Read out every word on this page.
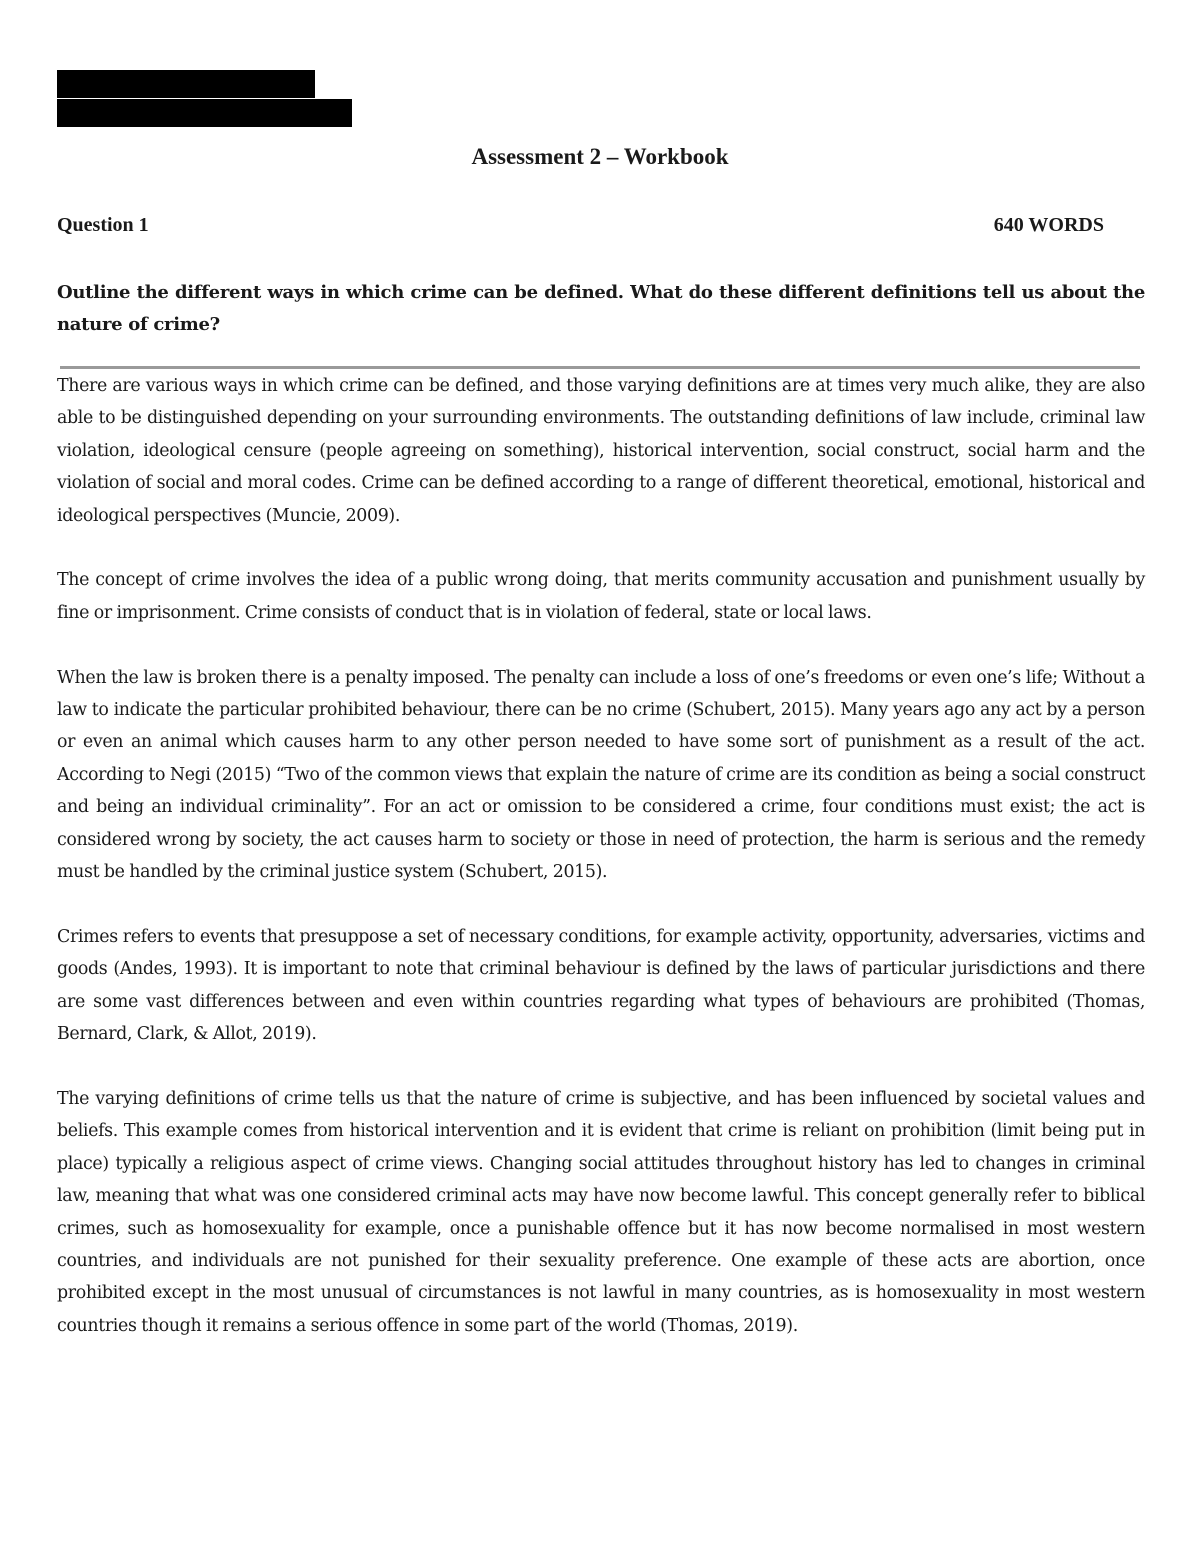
Assessment 2 – Workbook
Question 1	640 WORDS

Outline the different ways in which crime can be defined. What do these different definitions tell us about the nature of crime?

There are various ways in which crime can be defined, and those varying definitions are at times very much alike, they are also able to be distinguished depending on your surrounding environments. The outstanding definitions of law include, criminal law violation, ideological censure (people agreeing on something), historical intervention, social construct, social harm and the violation of social and moral codes. Crime can be defined according to a range of different theoretical, emotional, historical and ideological perspectives (Muncie, 2009).

The concept of crime involves the idea of a public wrong doing, that merits community accusation and punishment usually by fine or imprisonment. Crime consists of conduct that is in violation of federal, state or local laws.

When the law is broken there is a penalty imposed. The penalty can include a loss of one’s freedoms or even one’s life; Without a law to indicate the particular prohibited behaviour, there can be no crime (Schubert, 2015). Many years ago any act by a person or even an animal which causes harm to any other person needed to have some sort of punishment as a result of the act. According to Negi (2015) “Two of the common views that explain the nature of crime are its condition as being a social construct and being an individual criminality”. For an act or omission to be considered a crime, four conditions must exist; the act is considered wrong by society, the act causes harm to society or those in need of protection, the harm is serious and the remedy must be handled by the criminal justice system (Schubert, 2015).

Crimes refers to events that presuppose a set of necessary conditions, for example activity, opportunity, adversaries, victims and goods (Andes, 1993). It is important to note that criminal behaviour is defined by the laws of particular jurisdictions and there are some vast differences between and even within countries regarding what types of behaviours are prohibited (Thomas, Bernard, Clark, & Allot, 2019).

The varying definitions of crime tells us that the nature of crime is subjective, and has been influenced by societal values and beliefs. This example comes from historical intervention and it is evident that crime is reliant on prohibition (limit being put in place) typically a religious aspect of crime views. Changing social attitudes throughout history has led to changes in criminal law, meaning that what was one considered criminal acts may have now become lawful. This concept generally refer to biblical crimes, such as homosexuality for example, once a punishable offence but it has now become normalised in most western countries, and individuals are not punished for their sexuality preference. One example of these acts are abortion, once prohibited except in the most unusual of circumstances is not lawful in many countries, as is homosexuality in most western countries though it remains a serious offence in some part of the world (Thomas, 2019).
